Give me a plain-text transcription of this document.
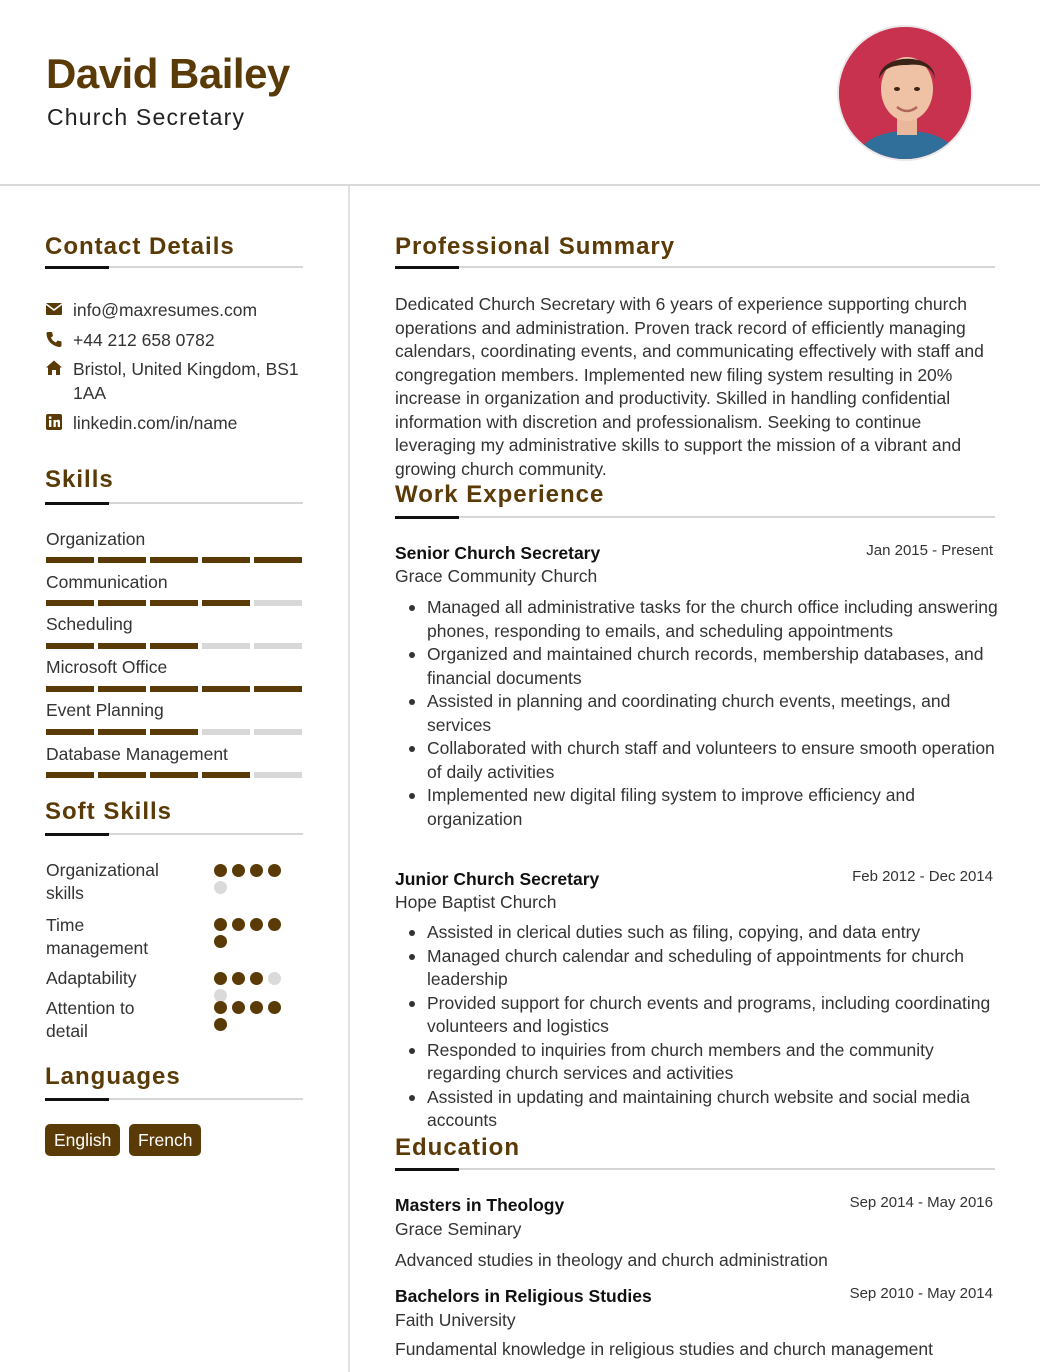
David Bailey
Church Secretary
Contact Details
info@maxresumes.com
+44 212 658 0782
Bristol, United Kingdom, BS1 1AA
linkedin.com/in/name
Skills
Organization
Communication
Scheduling
Microsoft Office
Event Planning
Database Management
Soft Skills
Organizational skills
Time management
Adaptability
Attention to detail
Languages
English	French
Professional Summary
Dedicated Church Secretary with 6 years of experience supporting church operations and administration. Proven track record of efficiently managing calendars, coordinating events, and communicating effectively with staff and congregation members. Implemented new filing system resulting in 20% increase in organization and productivity. Skilled in handling confidential information with discretion and professionalism. Seeking to continue leveraging my administrative skills to support the mission of a vibrant and growing church community.
Work Experience
Senior Church Secretary	Jan 2015 - Present
Grace Community Church
Managed all administrative tasks for the church office including answering phones, responding to emails, and scheduling appointments
Organized and maintained church records, membership databases, and financial documents
Assisted in planning and coordinating church events, meetings, and services
Collaborated with church staff and volunteers to ensure smooth operation of daily activities
Implemented new digital filing system to improve efficiency and organization
Junior Church Secretary	Feb 2012 - Dec 2014
Hope Baptist Church
Assisted in clerical duties such as filing, copying, and data entry
Managed church calendar and scheduling of appointments for church leadership
Provided support for church events and programs, including coordinating volunteers and logistics
Responded to inquiries from church members and the community regarding church services and activities
Assisted in updating and maintaining church website and social media accounts
Education
Masters in Theology	Sep 2014 - May 2016
Grace Seminary
Advanced studies in theology and church administration
Bachelors in Religious Studies	Sep 2010 - May 2014
Faith University
Fundamental knowledge in religious studies and church management
